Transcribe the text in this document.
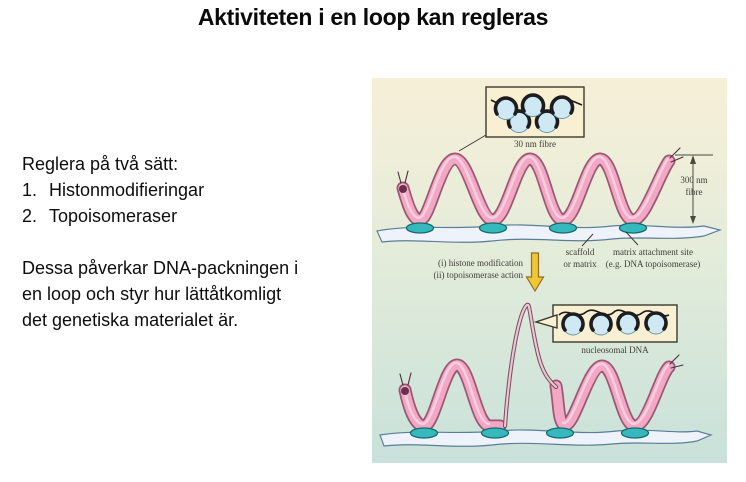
Aktiviteten i en loop kan regleras
Reglera på två sätt:
1. Histonmodifieringar
2. Topoisomeraser
Dessa påverkar DNA-packningen i
en loop och styr hur lättåtkomligt
det genetiska materialet är.
300 nm
fibre
30 nm fibre
(i) histone modification
(ii) topoisomerase action
scaffold
or matrix
matrix attachment site
(e.g. DNA topoisomerase)
nucleosomal DNA
